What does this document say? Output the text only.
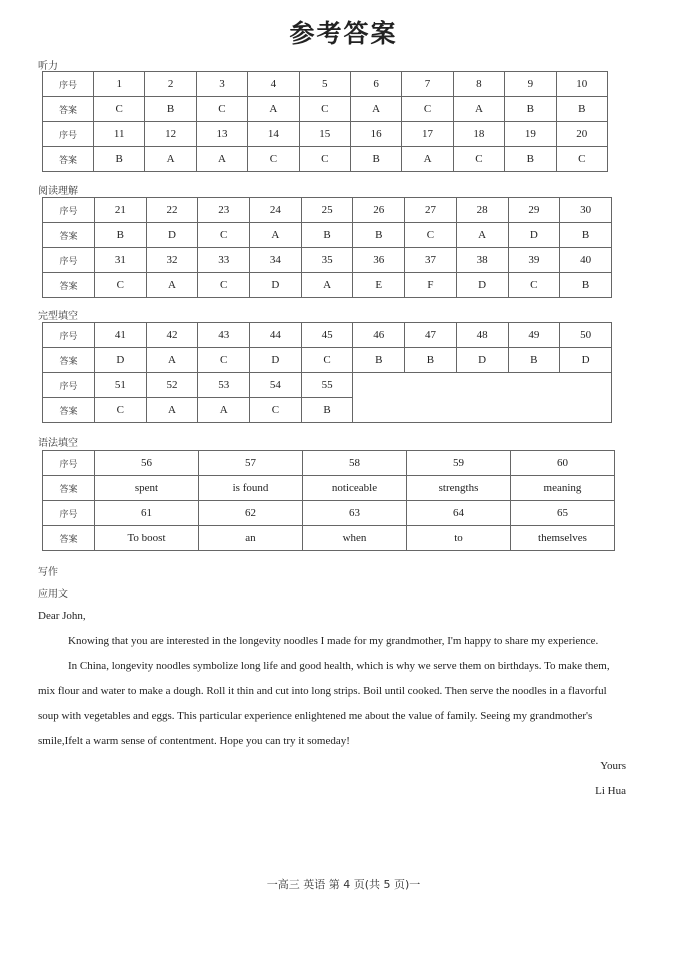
参考答案
听力
序号	1	2	3	4	5	6	7	8	9	10
答案	C	B	C	A	C	A	C	A	B	B
序号	11	12	13	14	15	16	17	18	19	20
答案	B	A	A	C	C	B	A	C	B	C
阅读理解
序号	21	22	23	24	25	26	27	28	29	30
答案	B	D	C	A	B	B	C	A	D	B
序号	31	32	33	34	35	36	37	38	39	40
答案	C	A	C	D	A	E	F	D	C	B
完型填空
序号	41	42	43	44	45	46	47	48	49	50
答案	D	A	C	D	C	B	B	D	B	D
序号	51	52	53	54	55					
答案	C	A	A	C	B					
语法填空
序号	56	57	58	59	60
答案	spent	is found	noticeable	strengths	meaning
序号	61	62	63	64	65
答案	To boost	an	when	to	themselves
写作
应用文

Dear John,

Knowing that you are interested in the longevity noodles I made for my grandmother, I'm happy to share my experience.

In China, longevity noodles symbolize long life and good health, which is why we serve them on birthdays. To make them, mix flour and water to make a dough. Roll it thin and cut into long strips. Boil until cooked. Then serve the noodles in a flavorful soup with vegetables and eggs. This particular experience enlightened me about the value of family. Seeing my grandmother's smile,Ifelt a warm sense of contentment. Hope you can try it someday!

Yours

Li Hua

一高三 英语 第 4 页(共 5 页)一
